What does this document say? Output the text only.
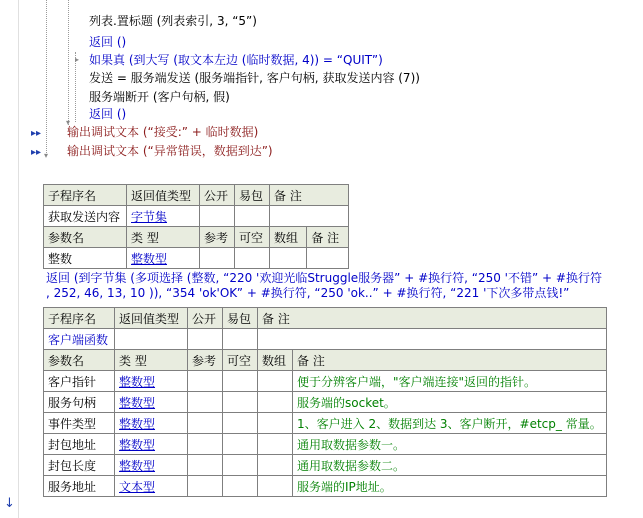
▾
▾
▸
列表.置标题 (列表索引, 3, “5”)
返回 ()
如果真 (到大写 (取文本左边 (临时数据, 4)) = “QUIT”)
发送 = 服务端发送 (服务端指针, 客户句柄, 获取发送内容 (7))
服务端断开 (客户句柄, 假)
返回 ()
输出调试文本 (“接受:” + 临时数据)
输出调试文本 (“异常错误，数据到达”)
▸▸
▸▸
子程序名	返回值类型	公开	易包	备 注	
获取发送内容	字节集				
参数名	类 型	参考	可空	数组	备 注
整数	整数型				
返回 (到字节集 (多项选择 (整数, “220 '欢迎光临Struggle服务器” + #换行符, “250 '不错” + #换行符
, 252, 46, 13, 10 )), “354 'ok'OK” + #换行符, “250 'ok..” + #换行符, “221 '下次多带点钱!”
子程序名	返回值类型	公开	易包	备 注	
客户端函数					
参数名	类 型	参考	可空	数组	备 注
客户指针	整数型				便于分辨客户端，"客户端连接"返回的指针。
服务句柄	整数型				服务端的socket。
事件类型	整数型				1、客户进入 2、数据到达 3、客户断开，#etcp_ 常量。
封包地址	整数型				通用取数据参数一。
封包长度	整数型				通用取数据参数二。
服务地址	文本型				服务端的IP地址。
↓
